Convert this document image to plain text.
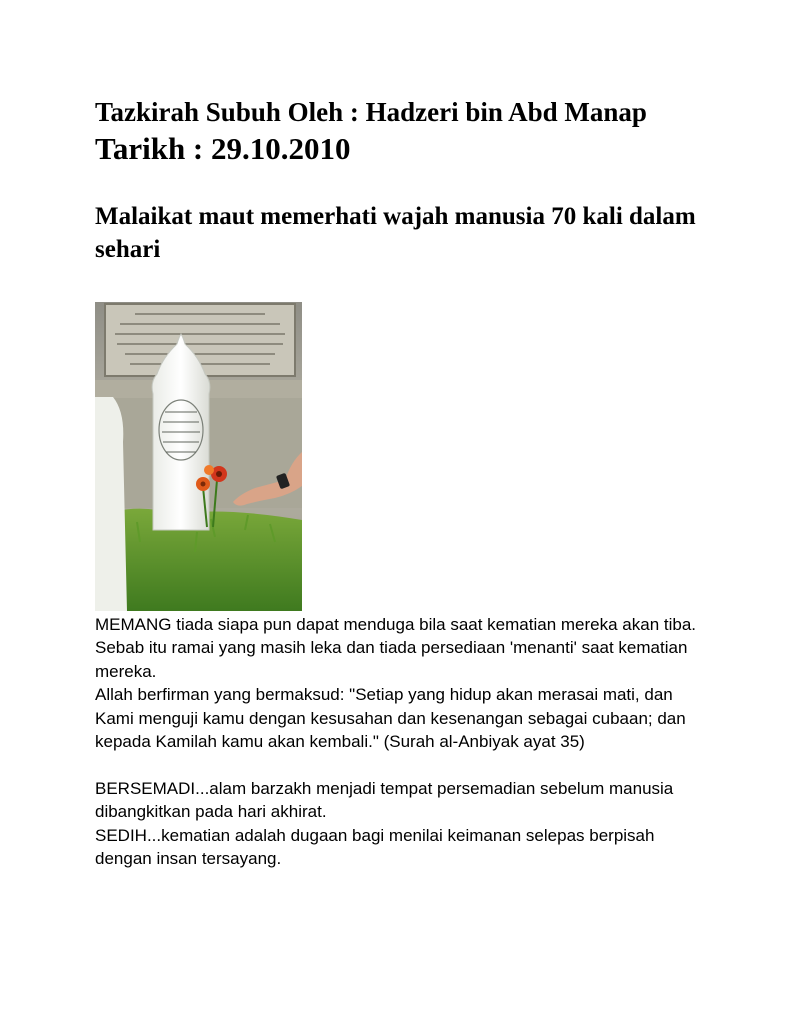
Tazkirah Subuh Oleh : Hadzeri bin Abd Manap
Tarikh : 29.10.2010
Malaikat maut memerhati wajah manusia 70 kali dalam sehari

MEMANG tiada siapa pun dapat menduga bila saat kematian mereka akan tiba. Sebab itu ramai yang masih leka dan tiada persediaan 'menanti' saat kematian mereka.

Allah berfirman yang bermaksud: "Setiap yang hidup akan merasai mati, dan Kami menguji kamu dengan kesusahan dan kesenangan sebagai cubaan; dan kepada Kamilah kamu akan kembali." (Surah al-Anbiyak ayat 35)

BERSEMADI...alam barzakh menjadi tempat persemadian sebelum manusia dibangkitkan pada hari akhirat.

SEDIH...kematian adalah dugaan bagi menilai keimanan selepas berpisah dengan insan tersayang.
